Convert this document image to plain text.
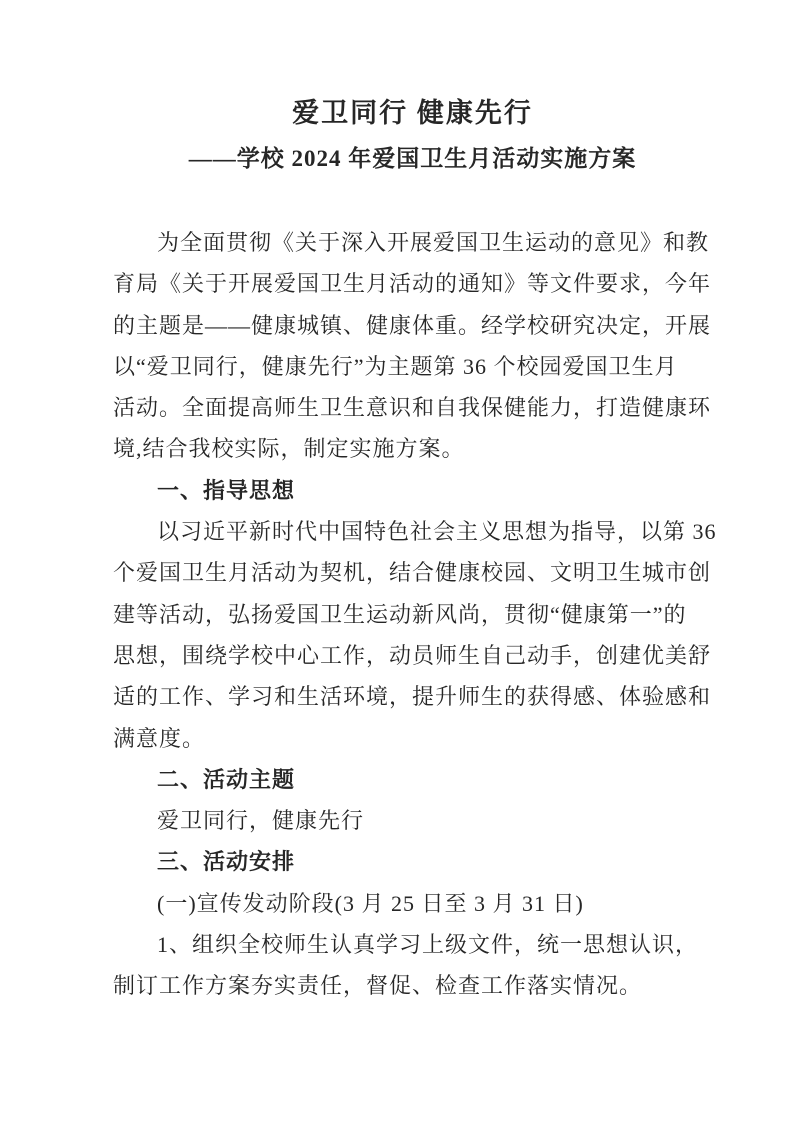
爱卫同行 健康先行
——学校 2024 年爱国卫生月活动实施方案
为全面贯彻《关于深入开展爱国卫生运动的意见》和教
育局《关于开展爱国卫生月活动的通知》等文件要求，今年
的主题是——健康城镇、健康体重。经学校研究决定，开展
以“爱卫同行，健康先行”为主题第 36 个校园爱国卫生月
活动。全面提高师生卫生意识和自我保健能力，打造健康环
境,结合我校实际，制定实施方案。
一、指导思想
以习近平新时代中国特色社会主义思想为指导，以第 36
个爱国卫生月活动为契机，结合健康校园、文明卫生城市创
建等活动，弘扬爱国卫生运动新风尚，贯彻“健康第一”的
思想，围绕学校中心工作，动员师生自己动手，创建优美舒
适的工作、学习和生活环境，提升师生的获得感、体验感和
满意度。
二、活动主题
爱卫同行，健康先行
三、活动安排
(一)宣传发动阶段(3 月 25 日至 3 月 31 日)
1、组织全校师生认真学习上级文件，统一思想认识，
制订工作方案夯实责任，督促、检查工作落实情况。
